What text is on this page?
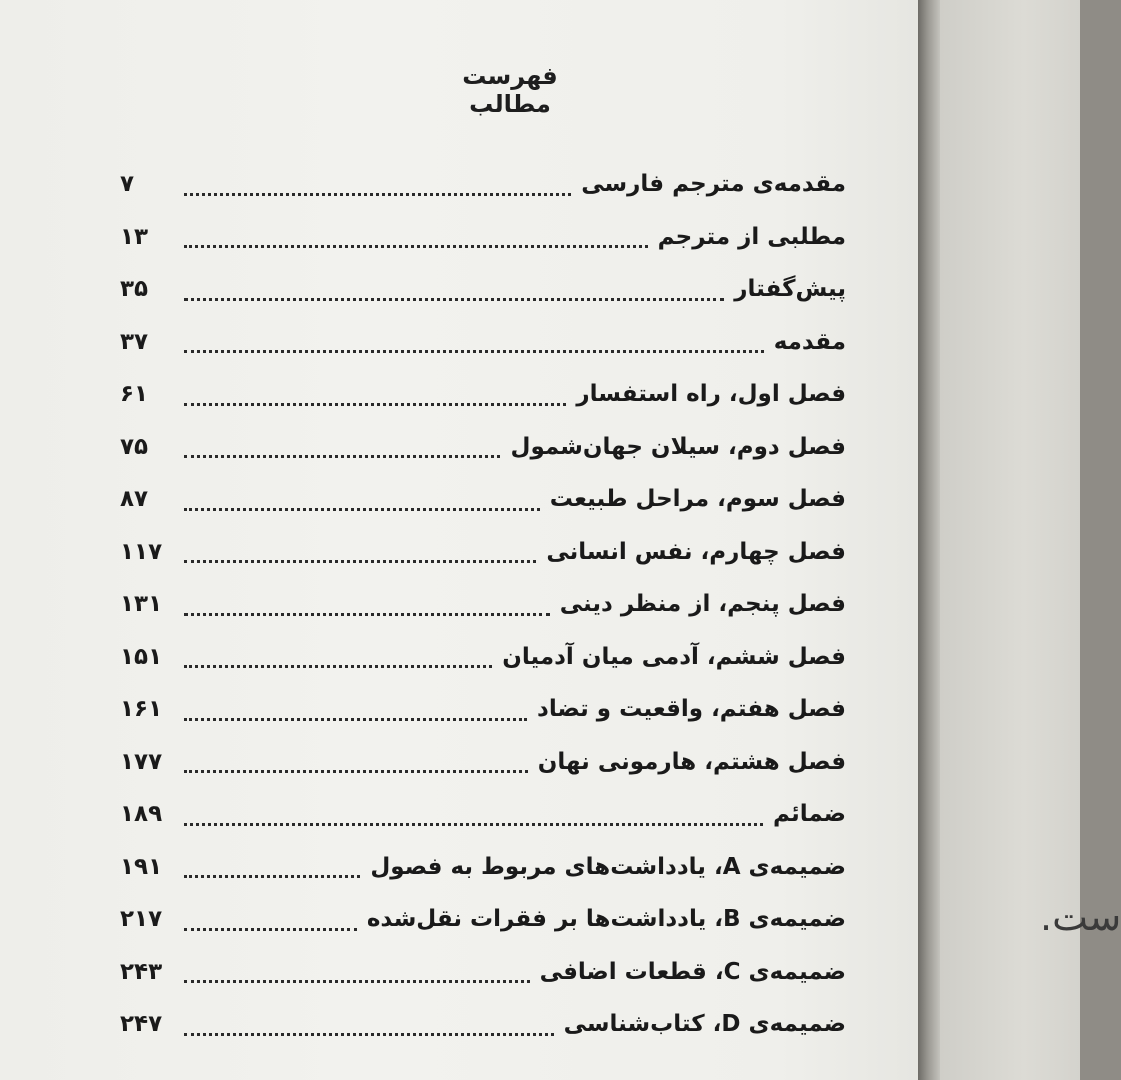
فهرست مطالب
مقدمه‌ی مترجم فارسی
۷
مطلبی از مترجم
۱۳
پیش‌گفتار
۳۵
مقدمه
۳۷
فصل اول، راه استفسار
۶۱
فصل دوم، سیلان جهان‌شمول
۷۵
فصل سوم، مراحل طبیعت
۸۷
فصل چهارم، نفس انسانی
۱۱۷
فصل پنجم، از منظر دینی
۱۳۱
فصل ششم، آدمی میان آدمیان
۱۵۱
فصل هفتم، واقعیت و تضاد
۱۶۱
فصل هشتم، هارمونی نهان
۱۷۷
ضمائم
۱۸۹
ضمیمه‌ی A، یادداشت‌های مربوط به فصول
۱۹۱
ضمیمه‌ی B، یادداشت‌ها بر فقرات نقل‌شده
۲۱۷
ضمیمه‌ی C، قطعات اضافی
۲۴۳
ضمیمه‌ی D، کتاب‌شناسی
۲۴۷
ست.
